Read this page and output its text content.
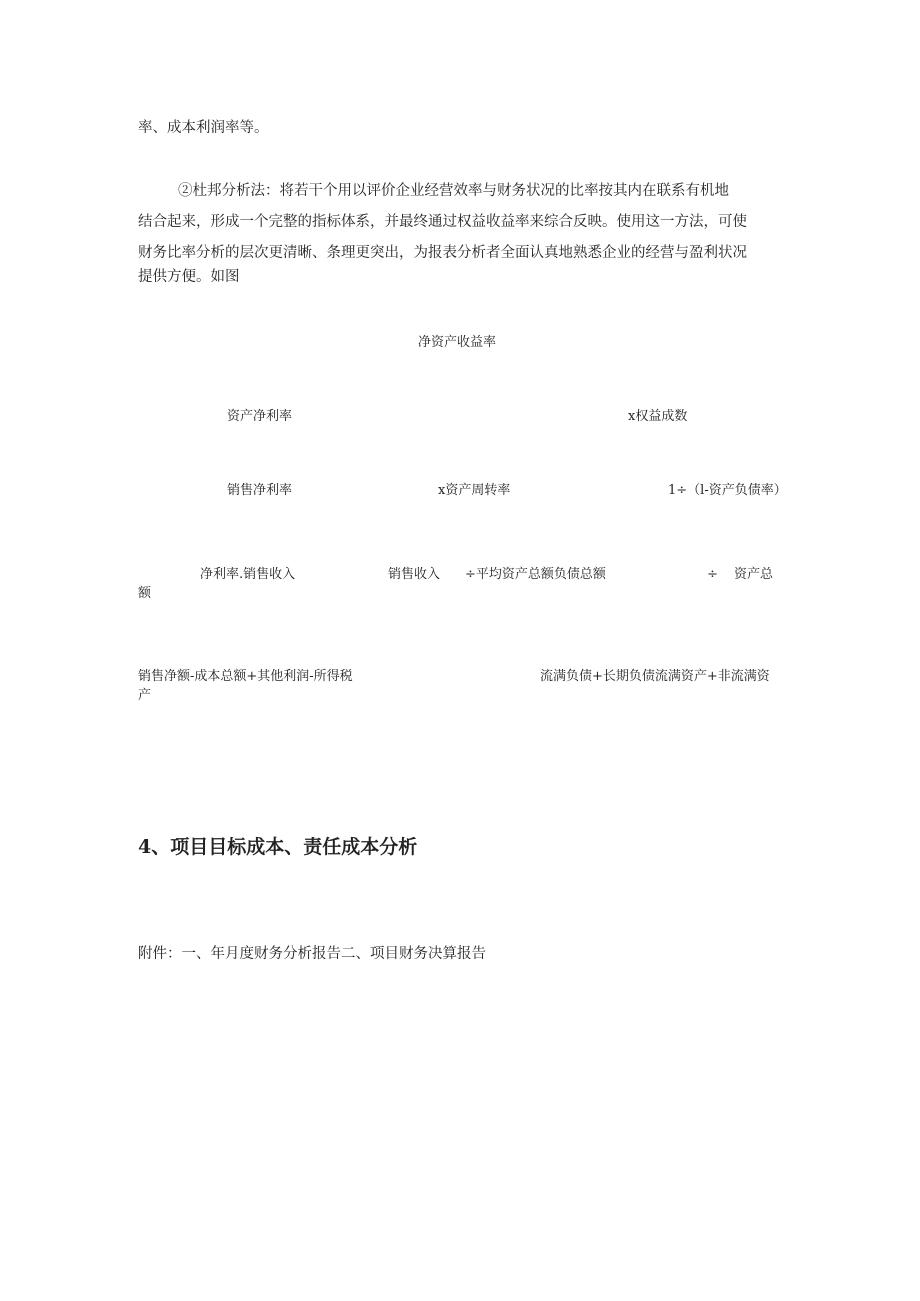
率、成本利润率等。
②杜邦分析法：将若干个用以评价企业经营效率与财务状况的比率按其内在联系有机地
结合起来，形成一个完整的指标体系，并最终通过权益收益率来综合反映。使用这一方法，可使
财务比率分析的层次更清晰、条理更突出，为报表分析者全面认真地熟悉企业的经营与盈利状况
提供方便。如图
净资产收益率
资产净利率	x权益成数
销售净利率	x资产周转率	1÷（l-资产负债率）
净利率.销售收入	销售收入 ÷平均资产总额负债总额	÷ 资产总
额
销售净额-成本总额+其他利润-所得税
产
流满负债+长期负债流满资产+非流满资
4、项目目标成本、责任成本分析
附件：一、年月度财务分析报告二、项目财务决算报告
